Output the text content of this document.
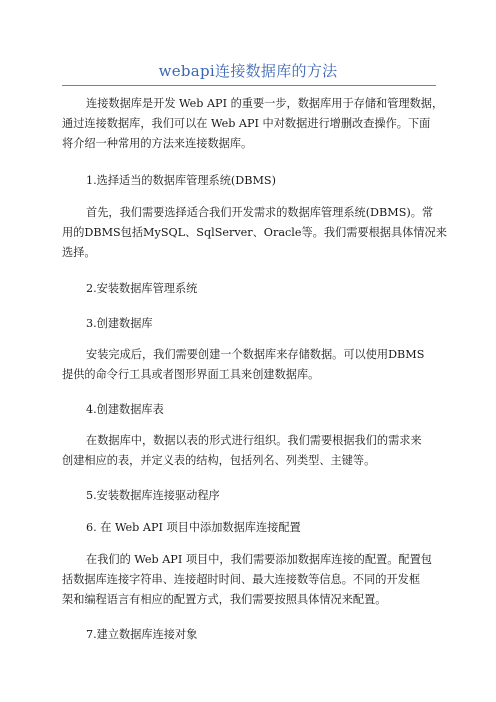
webapi连接数据库的方法
连接数据库是开发 Web API 的重要一步，数据库用于存储和管理数据，
通过连接数据库，我们可以在 Web API 中对数据进行增删改查操作。下面
将介绍一种常用的方法来连接数据库。
1.选择适当的数据库管理系统(DBMS)
首先，我们需要选择适合我们开发需求的数据库管理系统(DBMS)。常
用的DBMS包括MySQL、SqlServer、Oracle等。我们需要根据具体情况来
选择。
2.安装数据库管理系统
3.创建数据库
安装完成后，我们需要创建一个数据库来存储数据。可以使用DBMS
提供的命令行工具或者图形界面工具来创建数据库。
4.创建数据库表
在数据库中，数据以表的形式进行组织。我们需要根据我们的需求来
创建相应的表，并定义表的结构，包括列名、列类型、主键等。
5.安装数据库连接驱动程序
6. 在 Web API 项目中添加数据库连接配置
在我们的 Web API 项目中，我们需要添加数据库连接的配置。配置包
括数据库连接字符串、连接超时时间、最大连接数等信息。不同的开发框
架和编程语言有相应的配置方式，我们需要按照具体情况来配置。
7.建立数据库连接对象
